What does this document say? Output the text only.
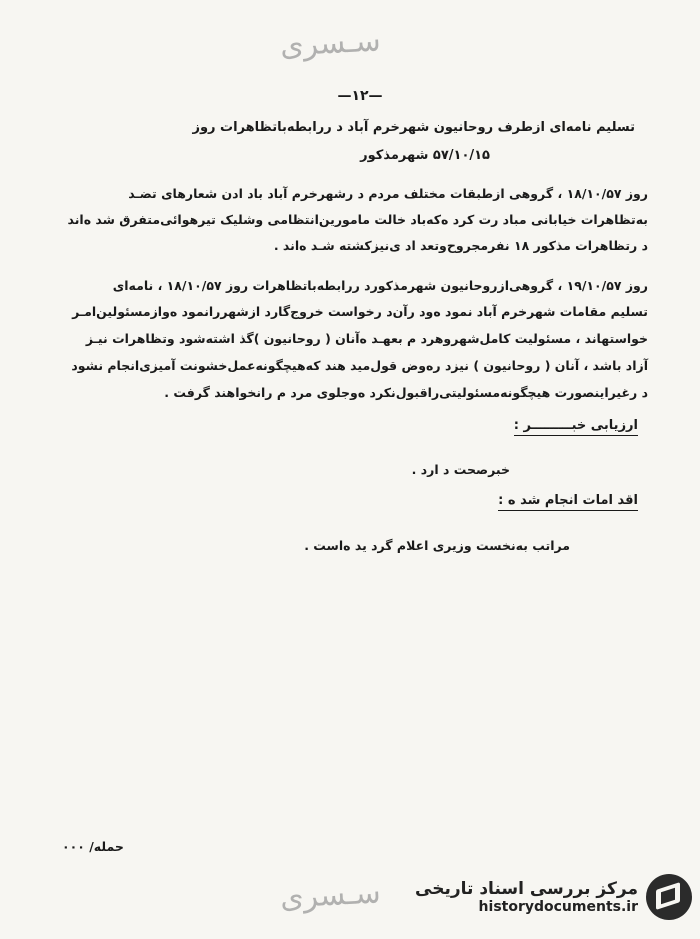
سـسری
—۱۲—
تسلیم نامه‌ای ازطرف روحانیون شهرخرم آباد د ررابطه‌باتظاهرات روز
۵۷/۱۰/۱۵ شهرمذکور
روز ۱۸/۱۰/۵۷ ، گروهی ازطبقات مختلف مردم د رشهرخرم آباد باد ادن شعارهای تضـد
به‌تظاهرات خیابانی مباد رت کرد ه‌که‌باد خالت مامورین‌انتظامی وشلیک تیرهوائی‌متفرق شد ه‌اند
د رتظاهرات مذکور ۱۸ نفرمجروح‌وتعد اد ی‌نیزکشته شـد ه‌اند .
روز ۱۹/۱۰/۵۷ ، گروهی‌ازروحانیون شهرمذکورد رر‌ابطه‌باتظاهرات روز ۱۸/۱۰/۵۷ ، نامه‌ای
تسلیم مقامات شهرخرم آباد نمود ه‌ود رآن‌د رخواست خروج‌گارد ازشهررانمود ه‌وازمسئولین‌امـر
خواستها‌ند ، مسئولیت کامل‌شهروهرد م بعهـد ه‌آنان ( روحانیون )گذ اشته‌شود وتظاهرات نیـز
آزاد باشد ، آنان ( روحانیون ) نیزد ره‌وض قول‌مید هند که‌هیچگونه‌عمل‌خشونت آمیزی‌انجام نشود
د رغیراینصورت هیچگونه‌مسئولیتی‌راقبول‌نکرد ه‌وجلوی مرد م رانخواهند گرفت .
ارزیابی خبـــــــــر :
خبرصحت د ارد .
اقد امات انجام شد ه :
مراتب به‌نخست وزیری اعلام گرد ید ه‌است .
حمله/ ۰۰۰
سـسری مرکز بررسی اسناد تاریخی
historydocuments.ir
